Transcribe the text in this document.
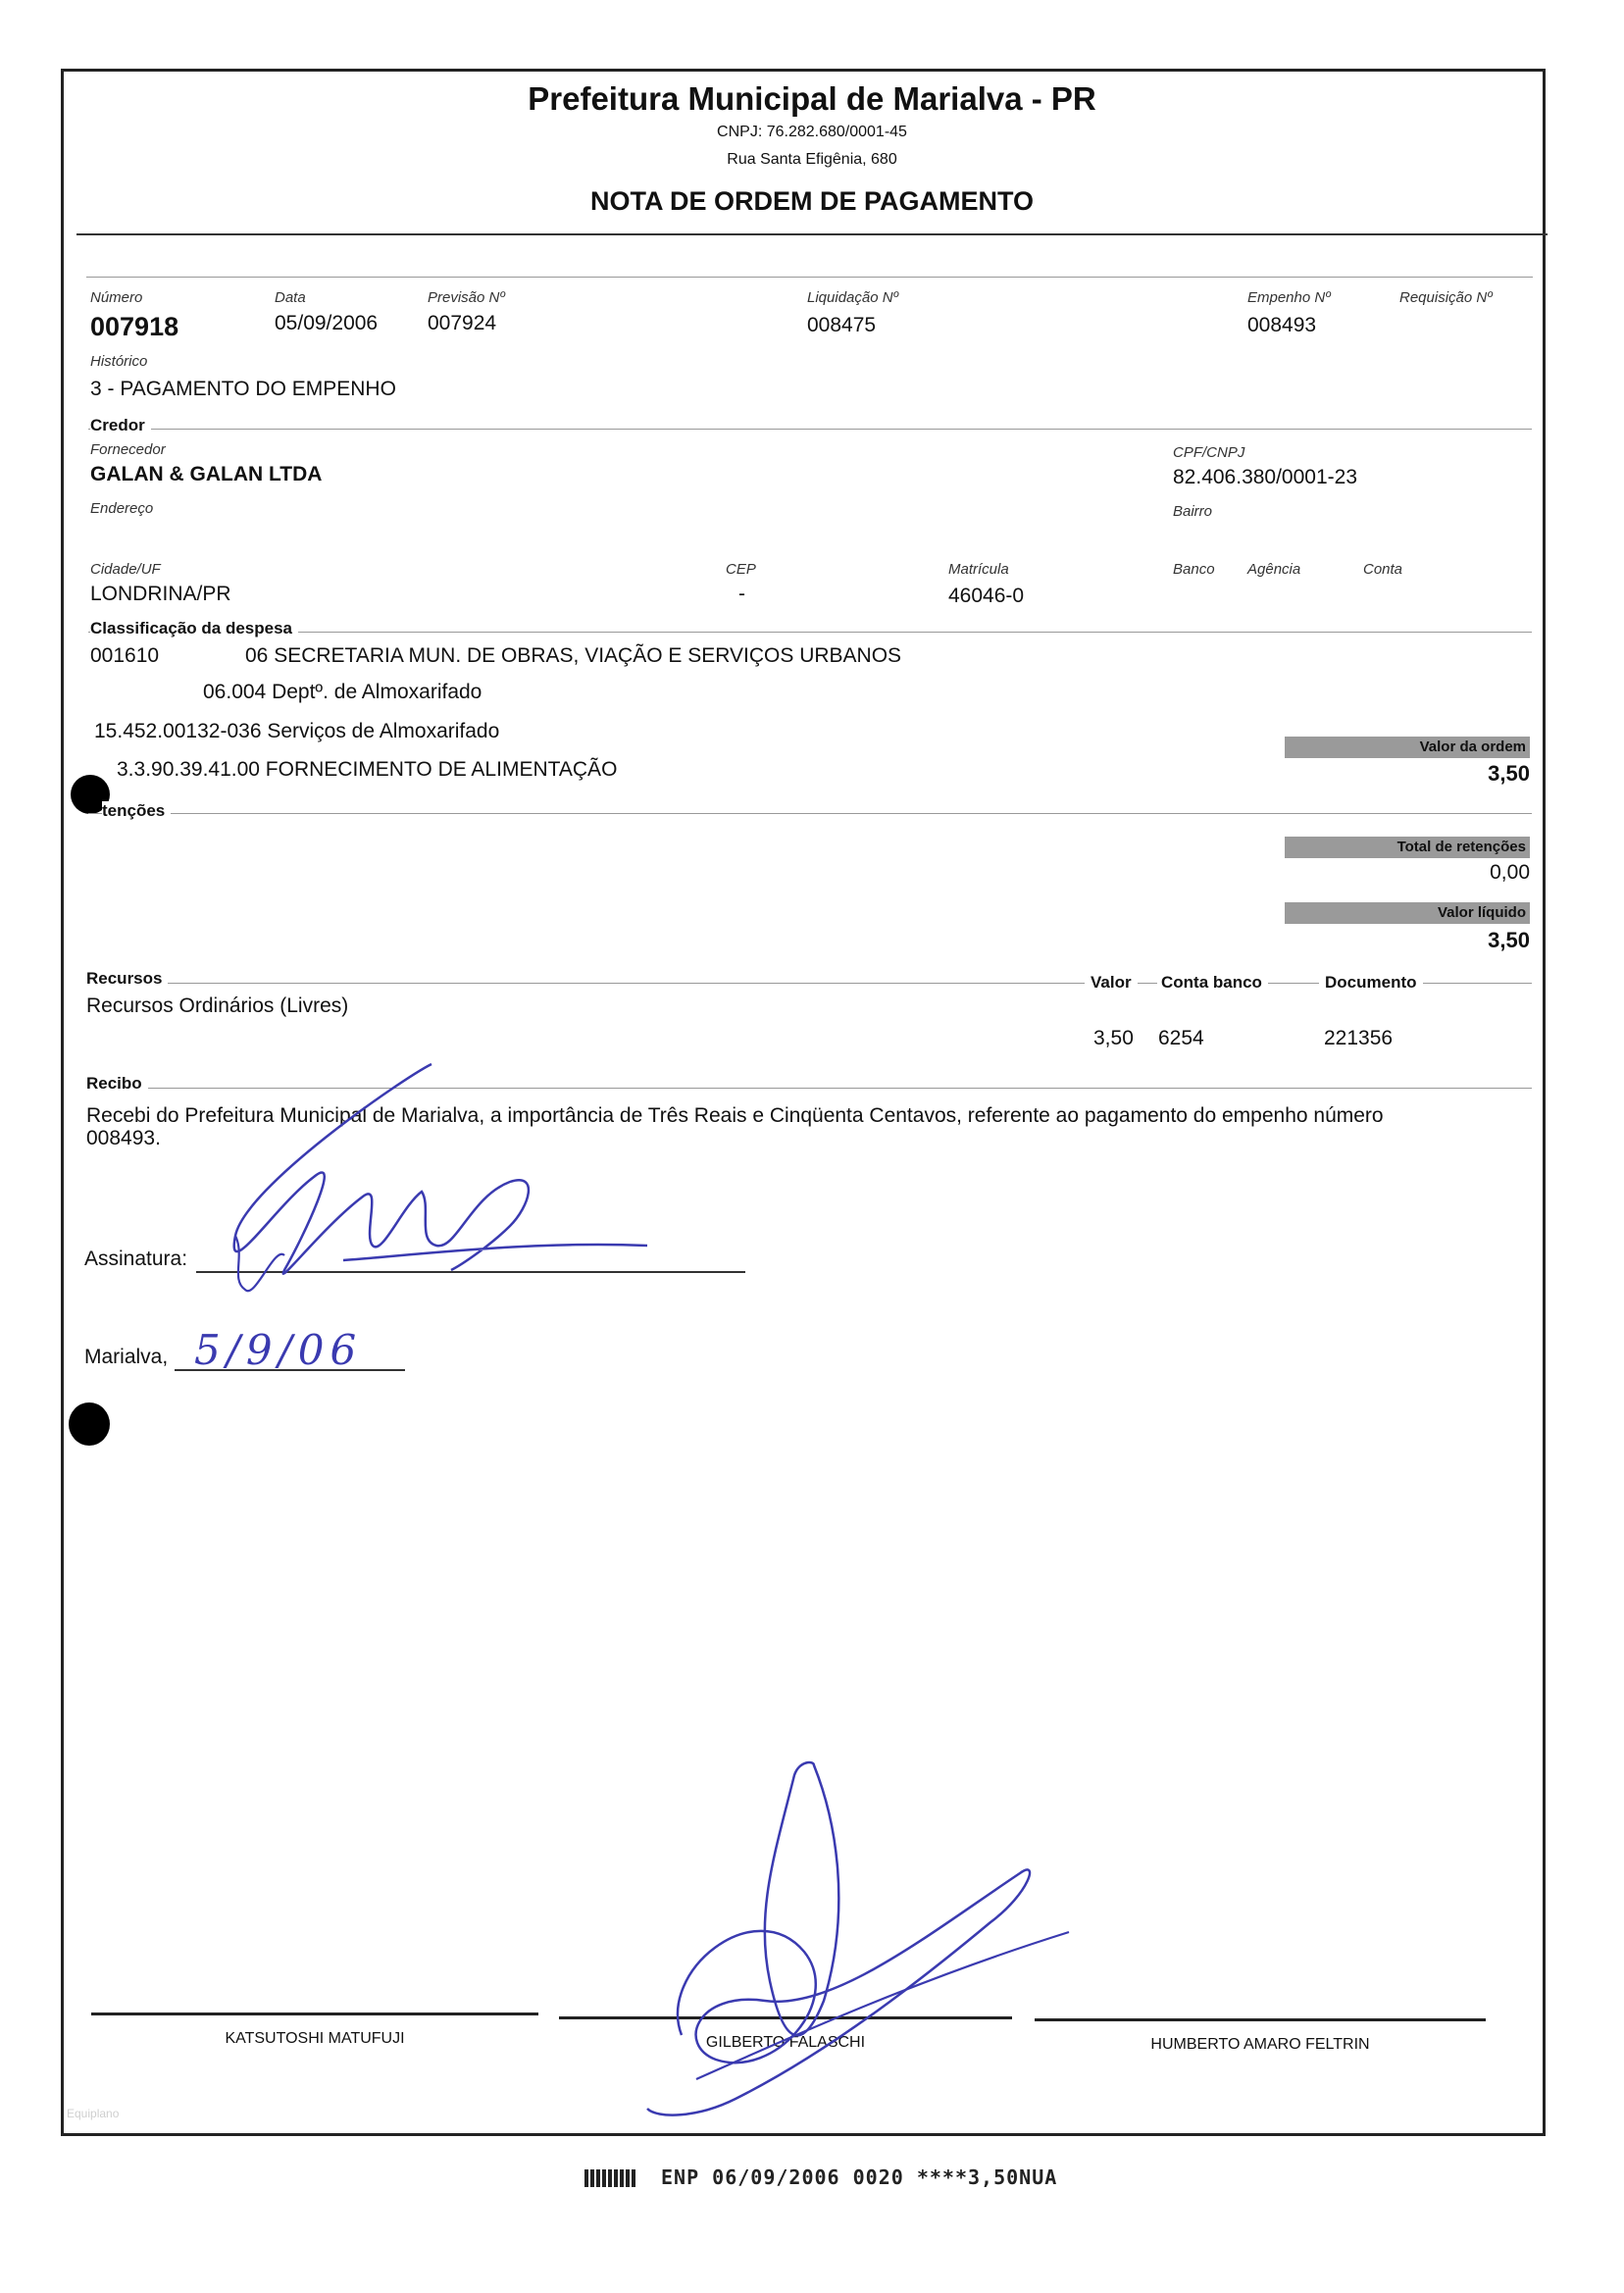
Prefeitura Municipal de Marialva - PR
CNPJ: 76.282.680/0001-45
Rua Santa Efigênia, 680
NOTA DE ORDEM DE PAGAMENTO
Número
007918
Data
05/09/2006
Previsão Nº
007924
Liquidação Nº
008475
Empenho Nº
008493
Requisição Nº
Histórico
3 - PAGAMENTO DO EMPENHO
Credor
Fornecedor
GALAN & GALAN LTDA
CPF/CNPJ
82.406.380/0001-23
Endereço	Bairro
Cidade/UF
LONDRINA/PR
CEP
-
Matrícula
46046-0
Banco Agência	Conta
Classificação da despesa
001610	06 SECRETARIA MUN. DE OBRAS, VIAÇÃO E SERVIÇOS URBANOS
06.004 Deptº. de Almoxarifado
15.452.00132-036 Serviços de Almoxarifado
3.3.90.39.41.00 FORNECIMENTO DE ALIMENTAÇÃO
Valor da ordem
3,50
tenções
Total de retenções
0,00
Valor líquido
3,50
Recursos	Valor	Conta banco	Documento
Recursos Ordinários (Livres)
3,50 6254	221356
Recibo
Recebi do Prefeitura Municipal de Marialva, a importância de Três Reais e Cinqüenta Centavos, referente ao pagamento do empenho número
008493.
Assinatura:
Marialva, 5/9/06
KATSUTOSHI MATUFUJI	GILBERTO FALASCHI	HUMBERTO AMARO FELTRIN
Equiplano
ENP 06/09/2006 0020 ****3,50NUA
